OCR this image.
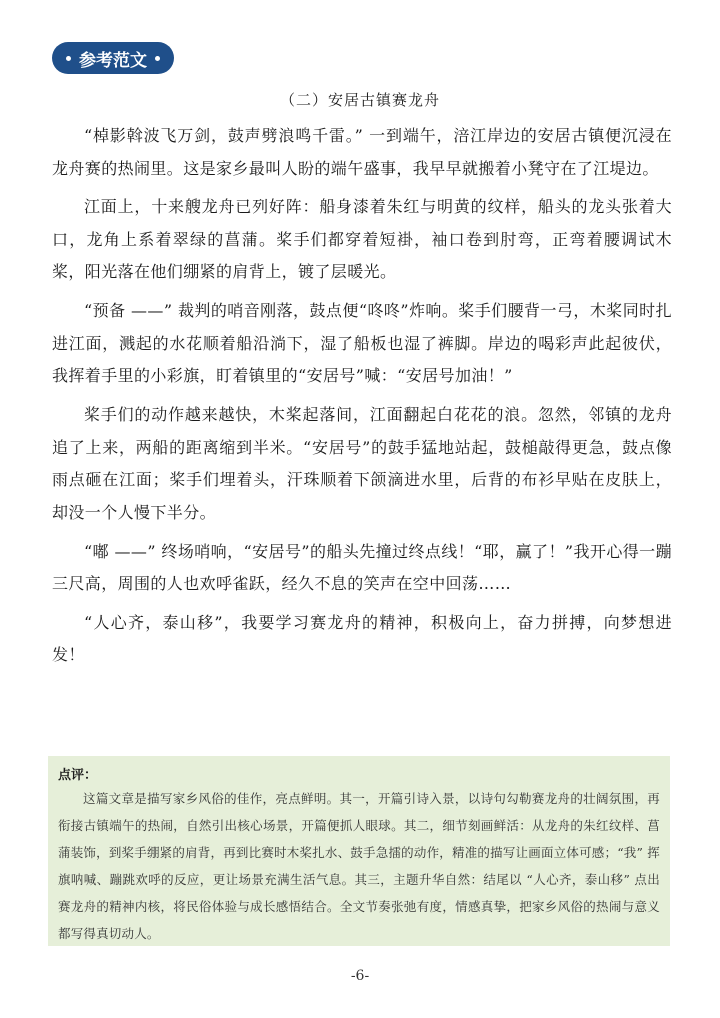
参考范文
（二）安居古镇赛龙舟

“棹影斡波飞万剑，鼓声劈浪鸣千雷。” 一到端午，涪江岸边的安居古镇便沉浸在龙舟赛的热闹里。这是家乡最叫人盼的端午盛事，我早早就搬着小凳守在了江堤边。

江面上，十来艘龙舟已列好阵：船身漆着朱红与明黄的纹样，船头的龙头张着大口，龙角上系着翠绿的菖蒲。桨手们都穿着短褂，袖口卷到肘弯，正弯着腰调试木桨，阳光落在他们绷紧的肩背上，镀了层暖光。

“预备 ——” 裁判的哨音刚落，鼓点便“咚咚”炸响。桨手们腰背一弓，木桨同时扎进江面，溅起的水花顺着船沿淌下，湿了船板也湿了裤脚。岸边的喝彩声此起彼伏，我挥着手里的小彩旗，盯着镇里的“安居号”喊：“安居号加油！”

桨手们的动作越来越快，木桨起落间，江面翻起白花花的浪。忽然，邻镇的龙舟追了上来，两船的距离缩到半米。“安居号”的鼓手猛地站起，鼓槌敲得更急，鼓点像雨点砸在江面；桨手们埋着头，汗珠顺着下颌滴进水里，后背的布衫早贴在皮肤上，却没一个人慢下半分。

“嘟 ——” 终场哨响，“安居号”的船头先撞过终点线！“耶，赢了！”我开心得一蹦三尺高，周围的人也欢呼雀跃，经久不息的笑声在空中回荡……

“人心齐，泰山移”，我要学习赛龙舟的精神，积极向上，奋力拼搏，向梦想进发！

点评：

这篇文章是描写家乡风俗的佳作，亮点鲜明。其一，开篇引诗入景，以诗句勾勒赛龙舟的壮阔氛围，再衔接古镇端午的热闹，自然引出核心场景，开篇便抓人眼球。其二，细节刻画鲜活：从龙舟的朱红纹样、菖蒲装饰，到桨手绷紧的肩背，再到比赛时木桨扎水、鼓手急擂的动作，精准的描写让画面立体可感；“我” 挥旗呐喊、蹦跳欢呼的反应，更让场景充满生活气息。其三，主题升华自然：结尾以 “人心齐，泰山移” 点出赛龙舟的精神内核，将民俗体验与成长感悟结合。全文节奏张弛有度，情感真挚，把家乡风俗的热闹与意义都写得真切动人。

-6-
